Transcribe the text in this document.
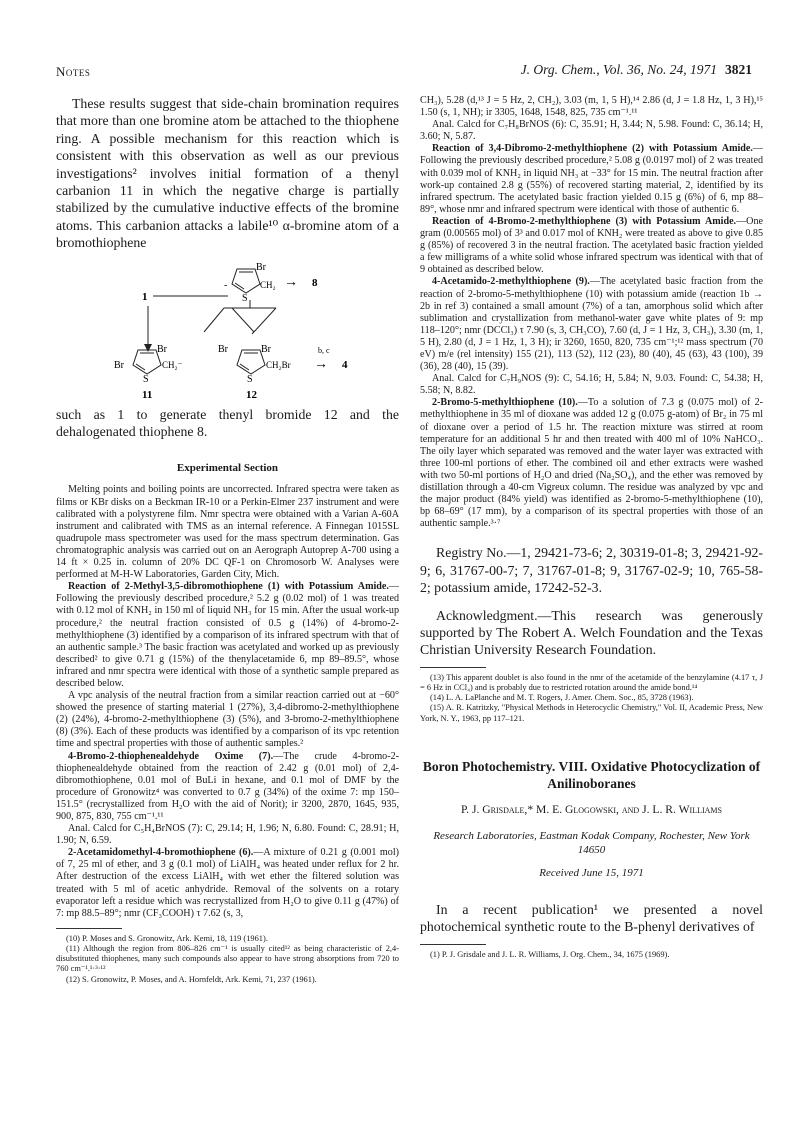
Notes	J. Org. Chem., Vol. 36, No. 24, 1971 3821

These results suggest that side-chain bromination requires that more than one bromine atom be attached to the thiophene ring. A possible mechanism for this reaction which is consistent with this observation as well as our previous investigations² involves initial formation of a thenyl carbanion 11 in which the negative charge is partially stabilized by the cumulative inductive effects of the bromine atoms. This carbanion attacks a labile¹⁰ α-bromine atom of a bromothiophene

Br
S
-	CH₂ → 8
1
Br
Br
S
CH₂⁻
11
Br
Br
S
CH₂Br
12
b, c
→ 4

such as 1 to generate thenyl bromide 12 and the dehalogenated thiophene 8.

Experimental Section

Melting points and boiling points are uncorrected. Infrared spectra were taken as films or KBr disks on a Beckman IR-10 or a Perkin-Elmer 237 instrument and were calibrated with a polystyrene film. Nmr spectra were obtained with a Varian A-60A instrument and calibrated with TMS as an internal reference. A Finnegan 1015SL quadrupole mass spectrometer was used for the mass spectrum determination. Gas chromatographic analysis was carried out on an Aerograph Autoprep A-700 using a 14 ft × 0.25 in. column of 20% DC QF-1 on Chromosorb W. Analyses were performed at M-H-W Laboratories, Garden City, Mich.

Reaction of 2-Methyl-3,5-dibromothiophene (1) with Potassium Amide.—Following the previously described procedure,² 5.2 g (0.02 mol) of 1 was treated with 0.12 mol of KNH₂ in 150 ml of liquid NH₃ for 15 min. After the usual work-up procedure,² the neutral fraction consisted of 0.5 g (14%) of 4-bromo-2-methylthiophene (3) identified by a comparison of its infrared spectrum with that of an authentic sample.³ The basic fraction was acetylated and worked up as previously described² to give 0.71 g (15%) of the thenylacetamide 6, mp 89–89.5°, whose infrared and nmr spectra were identical with those of a synthetic sample prepared as described below.

A vpc analysis of the neutral fraction from a similar reaction carried out at −60° showed the presence of starting material 1 (27%), 3,4-dibromo-2-methylthiophene (2) (24%), 4-bromo-2-methylthiophene (3) (5%), and 3-bromo-2-methylthiophene (8) (3%). Each of these products was identified by a comparison of its vpc retention time and spectral properties with those of authentic samples.²

4-Bromo-2-thiophenealdehyde Oxime (7).—The crude 4-bromo-2-thiophenealdehyde obtained from the reaction of 2.42 g (0.01 mol) of 2,4-dibromothiophene, 0.01 mol of BuLi in hexane, and 0.1 mol of DMF by the procedure of Gronowitz⁴ was converted to 0.7 g (34%) of the oxime 7: mp 150–151.5° (recrystallized from H₂O with the aid of Norit); ir 3200, 2870, 1645, 935, 900, 875, 830, 755 cm⁻¹.¹¹

Anal. Calcd for C₅H₄BrNOS (7): C, 29.14; H, 1.96; N, 6.80. Found: C, 28.91; H, 1.90; N, 6.59.

2-Acetamidomethyl-4-bromothiophene (6).—A mixture of 0.21 g (0.001 mol) of 7, 25 ml of ether, and 3 g (0.1 mol) of LiAlH₄ was heated under reflux for 2 hr. After destruction of the excess LiAlH₄ with wet ether the filtered solution was treated with 5 ml of acetic anhydride. Removal of the solvents on a rotary evaporator left a residue which was recrystallized from H₂O to give 0.11 g (47%) of 7: mp 88.5–89°; nmr (CF₃COOH) τ 7.62 (s, 3,

(10) P. Moses and S. Gronowitz, Ark. Kemi, 18, 119 (1961).

(11) Although the region from 806–826 cm⁻¹ is usually cited¹² as being characteristic of 2,4-disubstituted thiophenes, many such compounds also appear to have strong absorptions from 720 to 760 cm⁻¹.¹·³·¹²

(12) S. Gronowitz, P. Moses, and A. Hornfeldt, Ark. Kemi, 71, 237 (1961).

CH₃), 5.28 (d,¹³ J = 5 Hz, 2, CH₂), 3.03 (m, 1, 5 H),¹⁴ 2.86 (d, J = 1.8 Hz, 1, 3 H),¹⁵ 1.50 (s, 1, NH); ir 3305, 1648, 1548, 825, 735 cm⁻¹.¹¹

Anal. Calcd for C₇H₈BrNOS (6): C, 35.91; H, 3.44; N, 5.98. Found: C, 36.14; H, 3.60; N, 5.87.

Reaction of 3,4-Dibromo-2-methylthiophene (2) with Potassium Amide.—Following the previously described procedure,² 5.08 g (0.0197 mol) of 2 was treated with 0.039 mol of KNH₂ in liquid NH₃ at −33° for 15 min. The neutral fraction after work-up contained 2.8 g (55%) of recovered starting material, 2, identified by its infrared spectrum. The acetylated basic fraction yielded 0.15 g (6%) of 6, mp 88–89°, whose nmr and infrared spectrum were identical with those of authentic 6.

Reaction of 4-Bromo-2-methylthiophene (3) with Potassium Amide.—One gram (0.00565 mol) of 3³ and 0.017 mol of KNH₂ were treated as above to give 0.85 g (85%) of recovered 3 in the neutral fraction. The acetylated basic fraction yielded a few milligrams of a white solid whose infrared spectrum was identical with that of 9 obtained as described below.

4-Acetamido-2-methylthiophene (9).—The acetylated basic fraction from the reaction of 2-bromo-5-methylthiophene (10) with potassium amide (reaction 1b → 2b in ref 3) contained a small amount (7%) of a tan, amorphous solid which after sublimation and crystallization from methanol-water gave white plates of 9: mp 118–120°; nmr (DCCl₃) τ 7.90 (s, 3, CH₃CO), 7.60 (d, J = 1 Hz, 3, CH₃), 3.30 (m, 1, 5 H), 2.80 (d, J = 1 Hz, 1, 3 H); ir 3260, 1650, 820, 735 cm⁻¹;¹² mass spectrum (70 eV) m/e (rel intensity) 155 (21), 113 (52), 112 (23), 80 (40), 45 (63), 43 (100), 39 (36), 28 (40), 15 (39).

Anal. Calcd for C₇H₉NOS (9): C, 54.16; H, 5.84; N, 9.03. Found: C, 54.38; H, 5.58; N, 8.82.

2-Bromo-5-methylthiophene (10).—To a solution of 7.3 g (0.075 mol) of 2-methylthiophene in 35 ml of dioxane was added 12 g (0.075 g-atom) of Br₂ in 75 ml of dioxane over a period of 1.5 hr. The reaction mixture was stirred at room temperature for an additional 5 hr and then treated with 400 ml of 10% NaHCO₃. The oily layer which separated was removed and the water layer was extracted with three 100-ml portions of ether. The combined oil and ether extracts were washed with two 50-ml portions of H₂O and dried (Na₂SO₄), and the ether was removed by distillation through a 40-cm Vigreux column. The residue was analyzed by vpc and the major product (84% yield) was identified as 2-bromo-5-methylthiophene (10), bp 68–69° (17 mm), by a comparison of its spectral properties with those of an authentic sample.³·⁷

Registry No.—1, 29421-73-6; 2, 30319-01-8; 3, 29421-92-9; 6, 31767-00-7; 7, 31767-01-8; 9, 31767-02-9; 10, 765-58-2; potassium amide, 17242-52-3.

Acknowledgment.—This research was generously supported by The Robert A. Welch Foundation and the Texas Christian University Research Foundation.

(13) This apparent doublet is also found in the nmr of the acetamide of the benzylamine (4.17 τ, J = 6 Hz in CCl₄) and is probably due to restricted rotation around the amide bond.¹⁴

(14) L. A. LaPlanche and M. T. Rogers, J. Amer. Chem. Soc., 85, 3728 (1963).

(15) A. R. Katritzky, "Physical Methods in Heterocyclic Chemistry," Vol. II, Academic Press, New York, N. Y., 1963, pp 117–121.

Boron Photochemistry. VIII. Oxidative Photocyclization of Anilinoboranes
P. J. Grisdale,* M. E. Glogowski, and J. L. R. Williams
Research Laboratories, Eastman Kodak Company, Rochester, New York 14650
Received June 15, 1971

In a recent publication¹ we presented a novel photochemical synthetic route to the B-phenyl derivatives of

(1) P. J. Grisdale and J. L. R. Williams, J. Org. Chem., 34, 1675 (1969).
